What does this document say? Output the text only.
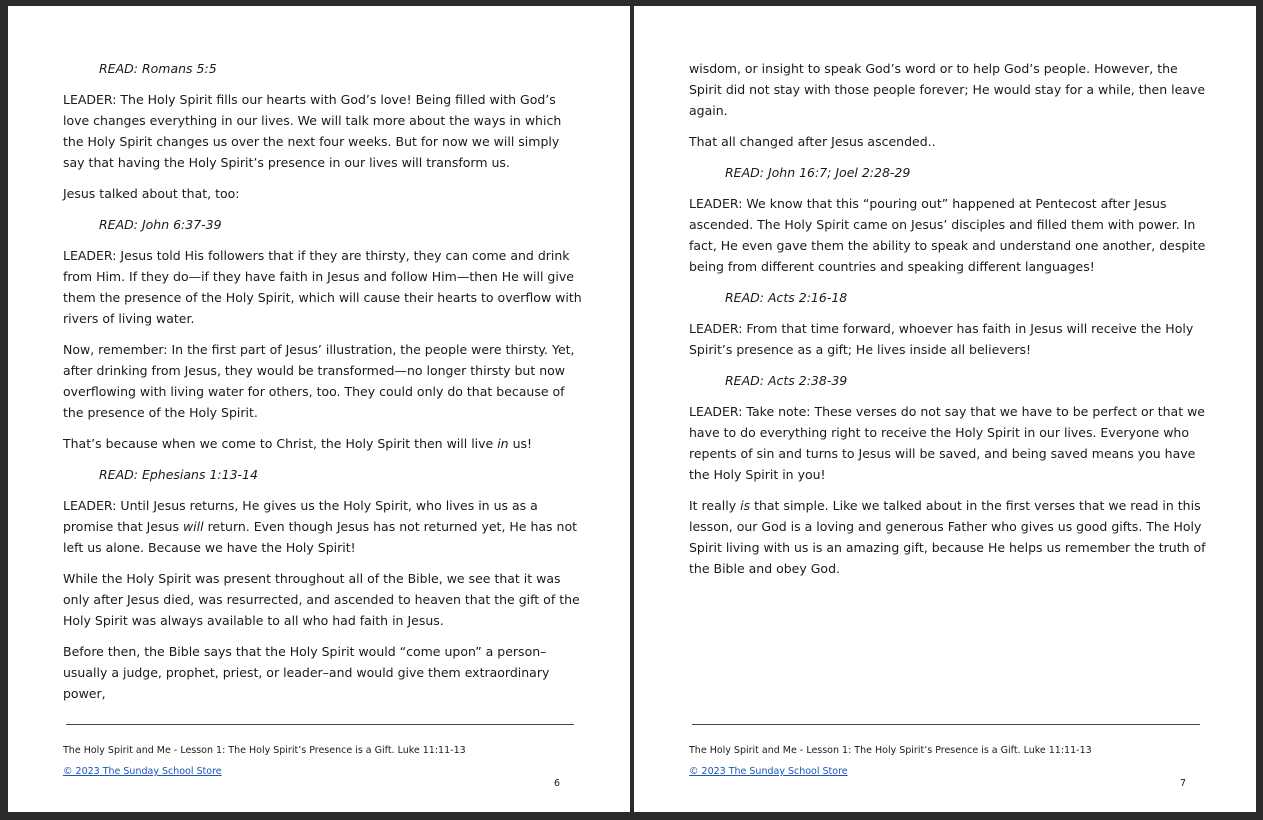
READ: Romans 5:5

LEADER: The Holy Spirit fills our hearts with God’s love! Being filled with God’s love changes everything in our lives. We will talk more about the ways in which the Holy Spirit changes us over the next four weeks. But for now we will simply say that having the Holy Spirit’s presence in our lives will transform us.

Jesus talked about that, too:

READ: John 6:37-39

LEADER: Jesus told His followers that if they are thirsty, they can come and drink from Him. If they do—if they have faith in Jesus and follow Him—then He will give them the presence of the Holy Spirit, which will cause their hearts to overflow with rivers of living water.

Now, remember: In the first part of Jesus’ illustration, the people were thirsty. Yet, after drinking from Jesus, they would be transformed—no longer thirsty but now overflowing with living water for others, too. They could only do that because of the presence of the Holy Spirit.

That’s because when we come to Christ, the Holy Spirit then will live in us!

READ: Ephesians 1:13-14

LEADER: Until Jesus returns, He gives us the Holy Spirit, who lives in us as a promise that Jesus will return. Even though Jesus has not returned yet, He has not left us alone. Because we have the Holy Spirit!

While the Holy Spirit was present throughout all of the Bible, we see that it was only after Jesus died, was resurrected, and ascended to heaven that the gift of the Holy Spirit was always available to all who had faith in Jesus.

Before then, the Bible says that the Holy Spirit would “come upon” a person–usually a judge, prophet, priest, or leader–and would give them extraordinary power,

The Holy Spirit and Me - Lesson 1: The Holy Spirit’s Presence is a Gift. Luke 11:11-13
© 2023 The Sunday School Store
6

wisdom, or insight to speak God’s word or to help God’s people. However, the Spirit did not stay with those people forever; He would stay for a while, then leave again.

That all changed after Jesus ascended..

READ: John 16:7; Joel 2:28-29

LEADER: We know that this “pouring out” happened at Pentecost after Jesus ascended. The Holy Spirit came on Jesus’ disciples and filled them with power. In fact, He even gave them the ability to speak and understand one another, despite being from different countries and speaking different languages!

READ: Acts 2:16-18

LEADER: From that time forward, whoever has faith in Jesus will receive the Holy Spirit’s presence as a gift; He lives inside all believers!

READ: Acts 2:38-39

LEADER: Take note: These verses do not say that we have to be perfect or that we have to do everything right to receive the Holy Spirit in our lives. Everyone who repents of sin and turns to Jesus will be saved, and being saved means you have the Holy Spirit in you!

It really is that simple. Like we talked about in the first verses that we read in this lesson, our God is a loving and generous Father who gives us good gifts. The Holy Spirit living with us is an amazing gift, because He helps us remember the truth of the Bible and obey God.

The Holy Spirit and Me - Lesson 1: The Holy Spirit’s Presence is a Gift. Luke 11:11-13
© 2023 The Sunday School Store
7
